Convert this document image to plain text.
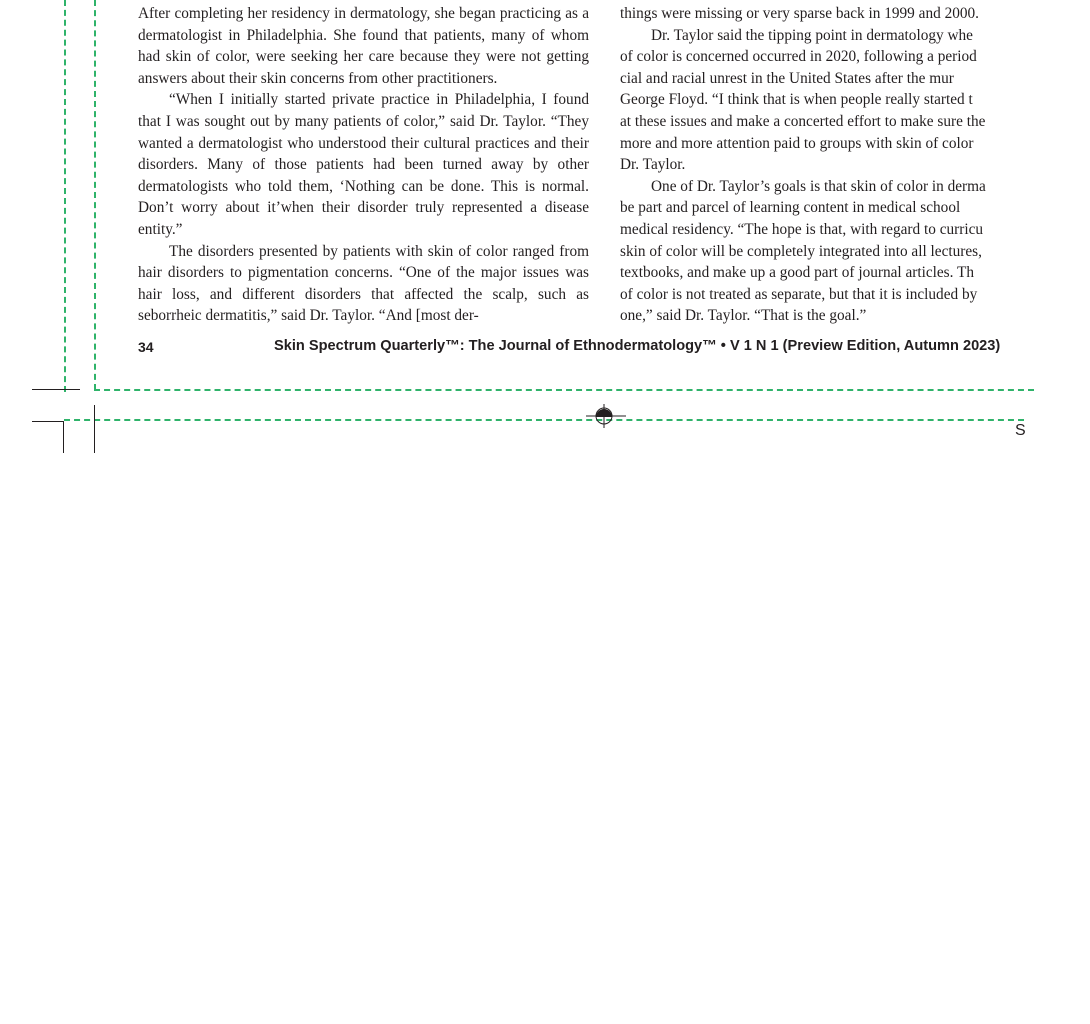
After completing her residency in dermatology, she began practicing as a dermatologist in Philadelphia. She found that patients, many of whom had skin of color, were seeking her care because they were not getting answers about their skin concerns from other practitioners.

“When I initially started private practice in Philadelphia, I found that I was sought out by many patients of color,” said Dr. Taylor. “They wanted a dermatologist who understood their cultural practices and their disorders. Many of those patients had been turned away by other dermatologists who told them, ‘Nothing can be done. This is normal. Don’t worry about it’when their disorder truly represented a disease entity.”

The disorders presented by patients with skin of color ranged from hair disorders to pigmentation concerns. “One of the major issues was hair loss, and different disorders that affected the scalp, such as seborrheic dermatitis,” said Dr. Taylor. “And [most der-

things were missing or very sparse back in 1999 and 2000.

Dr. Taylor said the tipping point in dermatology whe

of color is concerned occurred in 2020, following a period

cial and racial unrest in the United States after the mur

George Floyd. “I think that is when people really started t

at these issues and make a concerted effort to make sure the

more and more attention paid to groups with skin of color

Dr. Taylor.

One of Dr. Taylor’s goals is that skin of color in derma

be part and parcel of learning content in medical school

medical residency. “The hope is that, with regard to curricu

skin of color will be completely integrated into all lectures,

textbooks, and make up a good part of journal articles. Th

of color is not treated as separate, but that it is included by

one,” said Dr. Taylor. “That is the goal.”

34	Skin Spectrum Quarterly™: The Journal of Ethnodermatology™ • V 1 N 1 (Preview Edition, Autumn 2023)
S
